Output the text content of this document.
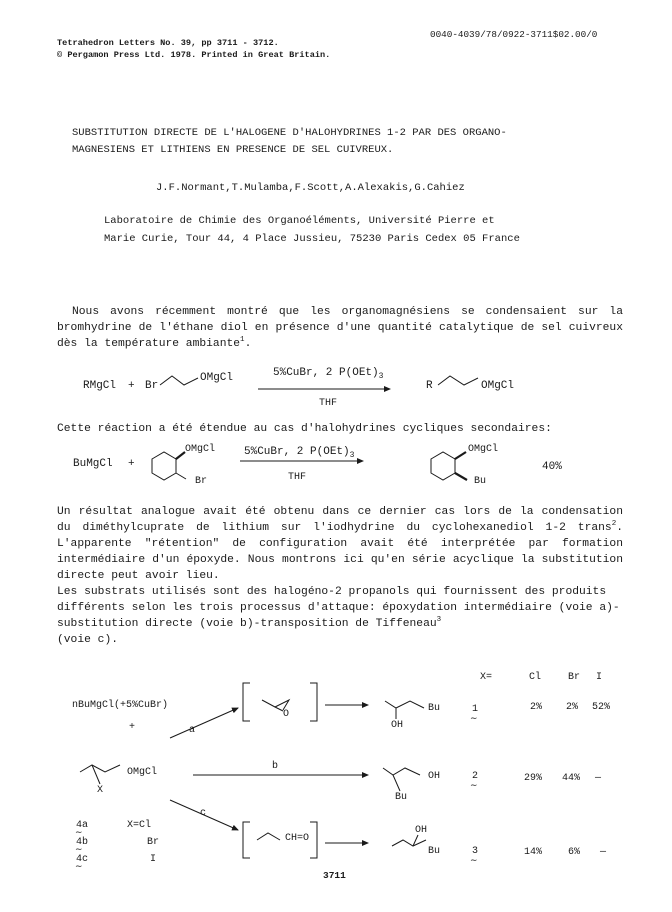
Tetrahedron Letters No. 39, pp 3711 - 3712.
© Pergamon Press Ltd. 1978. Printed in Great Britain.
0040-4039/78/0922-3711$02.00/0
SUBSTITUTION DIRECTE DE L'HALOGENE D'HALOHYDRINES 1-2 PAR DES ORGANO-
MAGNESIENS ET LITHIENS EN PRESENCE DE SEL CUIVREUX.
J.F.Normant,T.Mulamba,F.Scott,A.Alexakis,G.Cahiez
Laboratoire de Chimie des Organoéléments, Université Pierre et
Marie Curie, Tour 44, 4 Place Jussieu, 75230 Paris Cedex 05 France

Nous avons récemment montré que les organomagnésiens se condensaient sur la bromhydrine de l'éthane diol en présence d'une quantité catalytique de sel cuivreux dès la température ambiante$^1$.

RMgCl + Br
OMgCl	5%CuBr, 2 $P(OEt)_3$
THF
R	OMgCl
Cette réaction a été étendue au cas d'halohydrines cycliques secondaires:
BuMgCl +
OMgCl
Br
5%CuBr, 2 $P(OEt)_3$
THF
OMgCl
Bu
40%

Un résultat analogue avait été obtenu dans ce dernier cas lors de la condensation du diméthylcuprate de lithium sur l'iodhydrine du cyclohexanediol 1-2 trans$^2$. L'apparente "rétention" de configuration avait été interprétée par formation intermédiaire d'un époxyde. Nous montrons ici qu'en série acyclique la substitution directe peut avoir lieu.

Les substrats utilisés sont des halogéno-2 propanols qui fournissent des produits différents selon les trois processus d'attaque: époxydation intermédiaire (voie a)-substitution directe (voie b)-transposition de Tiffeneau$^3$
(voie c).

X=	Cl	Br I
nBuMgCl(+5%CuBr)
+
OMgCl
X
a
b
c
O
CH=O
Bu
OH
1
∼
OH
Bu
2
∼
OH
Bu	3
∼
2% 2% 52%
29% 44% —
14%	6% —
4a
∼
X=Cl
4b
∼
Br
4c
∼
I
3711
